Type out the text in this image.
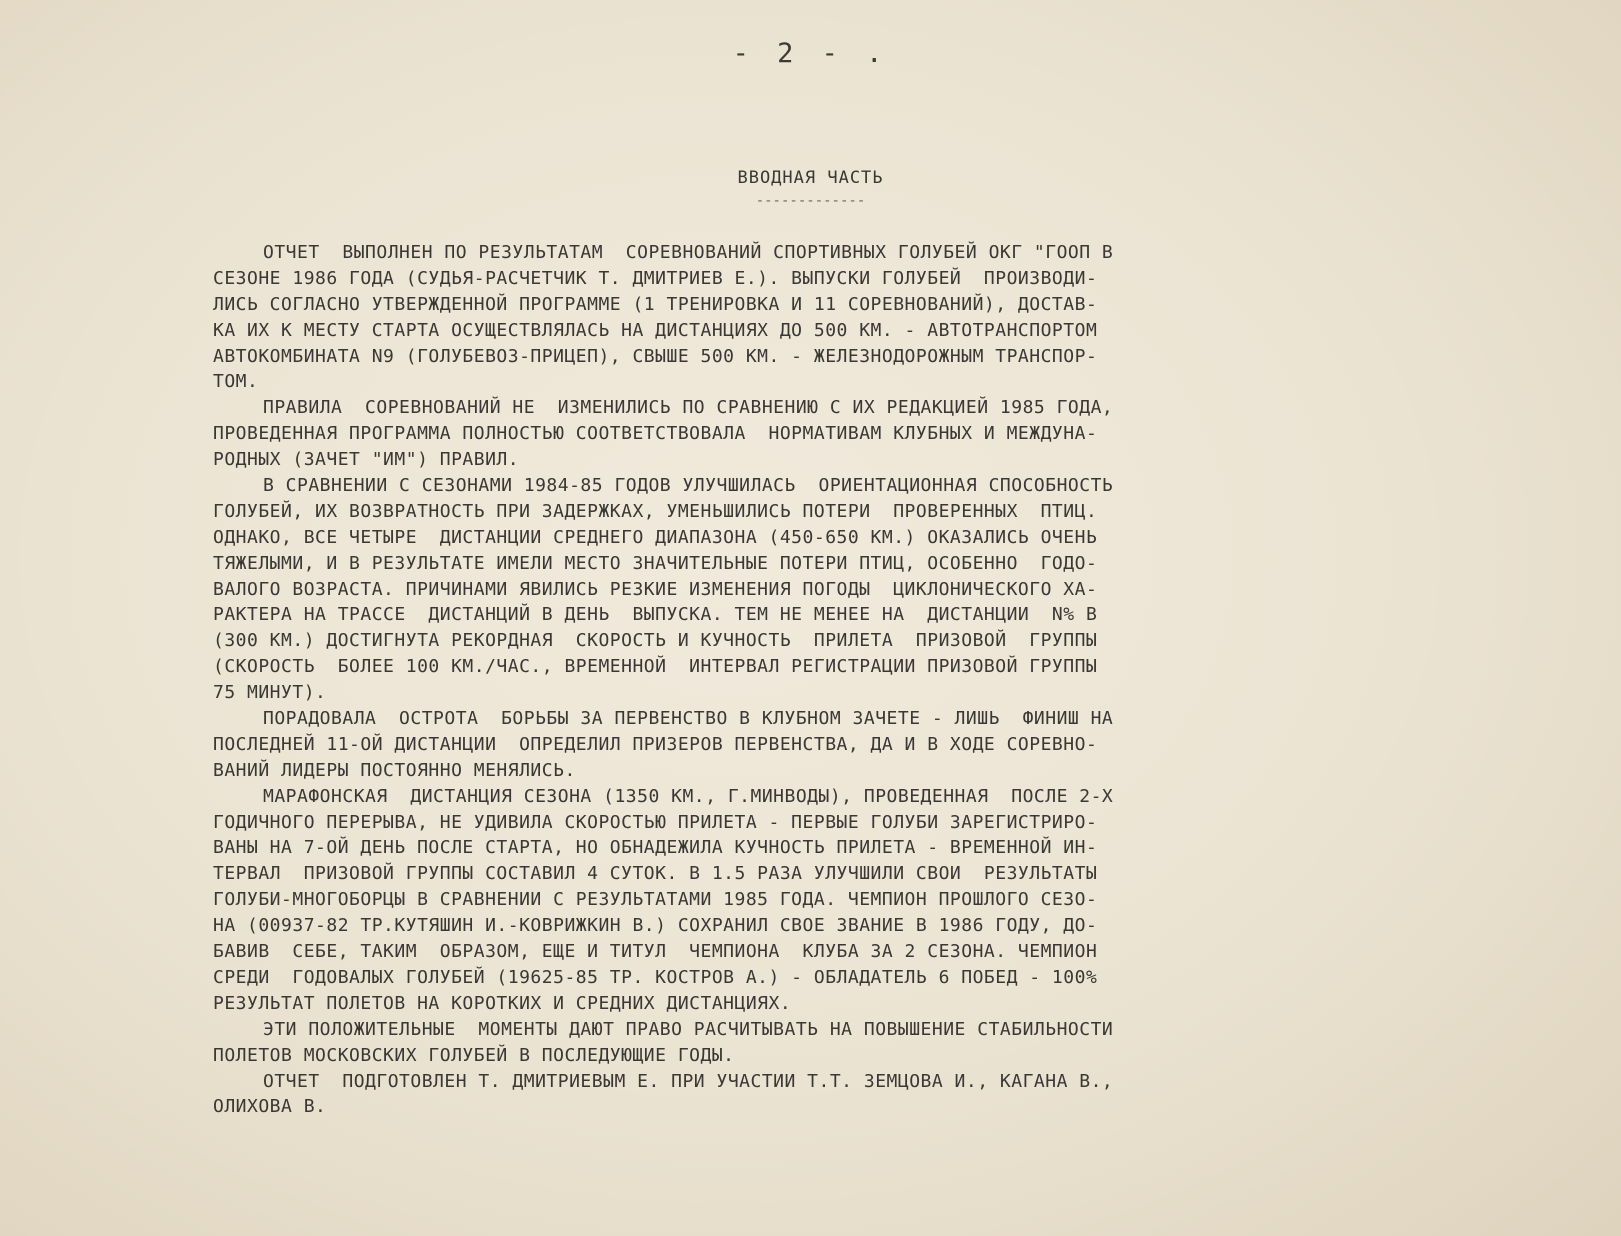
- 2 - .
ВВОДНАЯ ЧАСТЬ
-------------
ОТЧЕТ  ВЫПОЛНЕН ПО РЕЗУЛЬТАТАМ  СОРЕВНОВАНИЙ СПОРТИВНЫХ ГОЛУБЕЙ ОКГ "ГООП В
СЕЗОНЕ 1986 ГОДА (СУДЬЯ-РАСЧЕТЧИК Т. ДМИТРИЕВ Е.). ВЫПУСКИ ГОЛУБЕЙ  ПРОИЗВОДИ-
ЛИСЬ СОГЛАСНО УТВЕРЖДЕННОЙ ПРОГРАММЕ (1 ТРЕНИРОВКА И 11 СОРЕВНОВАНИЙ), ДОСТАВ-
КА ИХ К МЕСТУ СТАРТА ОСУЩЕСТВЛЯЛАСЬ НА ДИСТАНЦИЯХ ДО 500 КМ. - АВТОТРАНСПОРТОМ
АВТОКОМБИНАТА N9 (ГОЛУБЕВОЗ-ПРИЦЕП), СВЫШЕ 500 КМ. - ЖЕЛЕЗНОДОРОЖНЫМ ТРАНСПОР-
ТОМ.
ПРАВИЛА  СОРЕВНОВАНИЙ НЕ  ИЗМЕНИЛИСЬ ПО СРАВНЕНИЮ С ИХ РЕДАКЦИЕЙ 1985 ГОДА,
ПРОВЕДЕННАЯ ПРОГРАММА ПОЛНОСТЬЮ СООТВЕТСТВОВАЛА  НОРМАТИВАМ КЛУБНЫХ И МЕЖДУНА-
РОДНЫХ (ЗАЧЕТ "ИМ") ПРАВИЛ.
В СРАВНЕНИИ С СЕЗОНАМИ 1984-85 ГОДОВ УЛУЧШИЛАСЬ  ОРИЕНТАЦИОННАЯ СПОСОБНОСТЬ
ГОЛУБЕЙ, ИХ ВОЗВРАТНОСТЬ ПРИ ЗАДЕРЖКАХ, УМЕНЬШИЛИСЬ ПОТЕРИ  ПРОВЕРЕННЫХ  ПТИЦ.
ОДНАКО, ВСЕ ЧЕТЫРЕ  ДИСТАНЦИИ СРЕДНЕГО ДИАПАЗОНА (450-650 КМ.) ОКАЗАЛИСЬ ОЧЕНЬ
ТЯЖЕЛЫМИ, И В РЕЗУЛЬТАТЕ ИМЕЛИ МЕСТО ЗНАЧИТЕЛЬНЫЕ ПОТЕРИ ПТИЦ, ОСОБЕННО  ГОДО-
ВАЛОГО ВОЗРАСТА. ПРИЧИНАМИ ЯВИЛИСЬ РЕЗКИЕ ИЗМЕНЕНИЯ ПОГОДЫ  ЦИКЛОНИЧЕСКОГО ХА-
РАКТЕРА НА ТРАССЕ  ДИСТАНЦИЙ В ДЕНЬ  ВЫПУСКА. ТЕМ НЕ МЕНЕЕ НА  ДИСТАНЦИИ  N% В
(300 КМ.) ДОСТИГНУТА РЕКОРДНАЯ  СКОРОСТЬ И КУЧНОСТЬ  ПРИЛЕТА  ПРИЗОВОЙ  ГРУППЫ
(СКОРОСТЬ  БОЛЕЕ 100 КМ./ЧАС., ВРЕМЕННОЙ  ИНТЕРВАЛ РЕГИСТРАЦИИ ПРИЗОВОЙ ГРУППЫ
75 МИНУТ).
ПОРАДОВАЛА  ОСТРОТА  БОРЬБЫ ЗА ПЕРВЕНСТВО В КЛУБНОМ ЗАЧЕТЕ - ЛИШЬ  ФИНИШ НА
ПОСЛЕДНЕЙ 11-ОЙ ДИСТАНЦИИ  ОПРЕДЕЛИЛ ПРИЗЕРОВ ПЕРВЕНСТВА, ДА И В ХОДЕ СОРЕВНО-
ВАНИЙ ЛИДЕРЫ ПОСТОЯННО МЕНЯЛИСЬ.
МАРАФОНСКАЯ  ДИСТАНЦИЯ СЕЗОНА (1350 КМ., Г.МИНВОДЫ), ПРОВЕДЕННАЯ  ПОСЛЕ 2-Х
ГОДИЧНОГО ПЕРЕРЫВА, НЕ УДИВИЛА СКОРОСТЬЮ ПРИЛЕТА - ПЕРВЫЕ ГОЛУБИ ЗАРЕГИСТРИРО-
ВАНЫ НА 7-ОЙ ДЕНЬ ПОСЛЕ СТАРТА, НО ОБНАДЕЖИЛА КУЧНОСТЬ ПРИЛЕТА - ВРЕМЕННОЙ ИН-
ТЕРВАЛ  ПРИЗОВОЙ ГРУППЫ СОСТАВИЛ 4 СУТОК. В 1.5 РАЗА УЛУЧШИЛИ СВОИ  РЕЗУЛЬТАТЫ
ГОЛУБИ-МНОГОБОРЦЫ В СРАВНЕНИИ С РЕЗУЛЬТАТАМИ 1985 ГОДА. ЧЕМПИОН ПРОШЛОГО СЕЗО-
НА (00937-82 ТР.КУТЯШИН И.-КОВРИЖКИН В.) СОХРАНИЛ СВОЕ ЗВАНИЕ В 1986 ГОДУ, ДО-
БАВИВ  СЕБЕ, ТАКИМ  ОБРАЗОМ, ЕЩЕ И ТИТУЛ  ЧЕМПИОНА  КЛУБА ЗА 2 СЕЗОНА. ЧЕМПИОН
СРЕДИ  ГОДОВАЛЫХ ГОЛУБЕЙ (19625-85 ТР. КОСТРОВ А.) - ОБЛАДАТЕЛЬ 6 ПОБЕД - 100%
РЕЗУЛЬТАТ ПОЛЕТОВ НА КОРОТКИХ И СРЕДНИХ ДИСТАНЦИЯХ.
ЭТИ ПОЛОЖИТЕЛЬНЫЕ  МОМЕНТЫ ДАЮТ ПРАВО РАСЧИТЫВАТЬ НА ПОВЫШЕНИЕ СТАБИЛЬНОСТИ
ПОЛЕТОВ МОСКОВСКИХ ГОЛУБЕЙ В ПОСЛЕДУЮЩИЕ ГОДЫ.
ОТЧЕТ  ПОДГОТОВЛЕН Т. ДМИТРИЕВЫМ Е. ПРИ УЧАСТИИ Т.Т. ЗЕМЦОВА И., КАГАНА В.,
ОЛИХОВА В.
